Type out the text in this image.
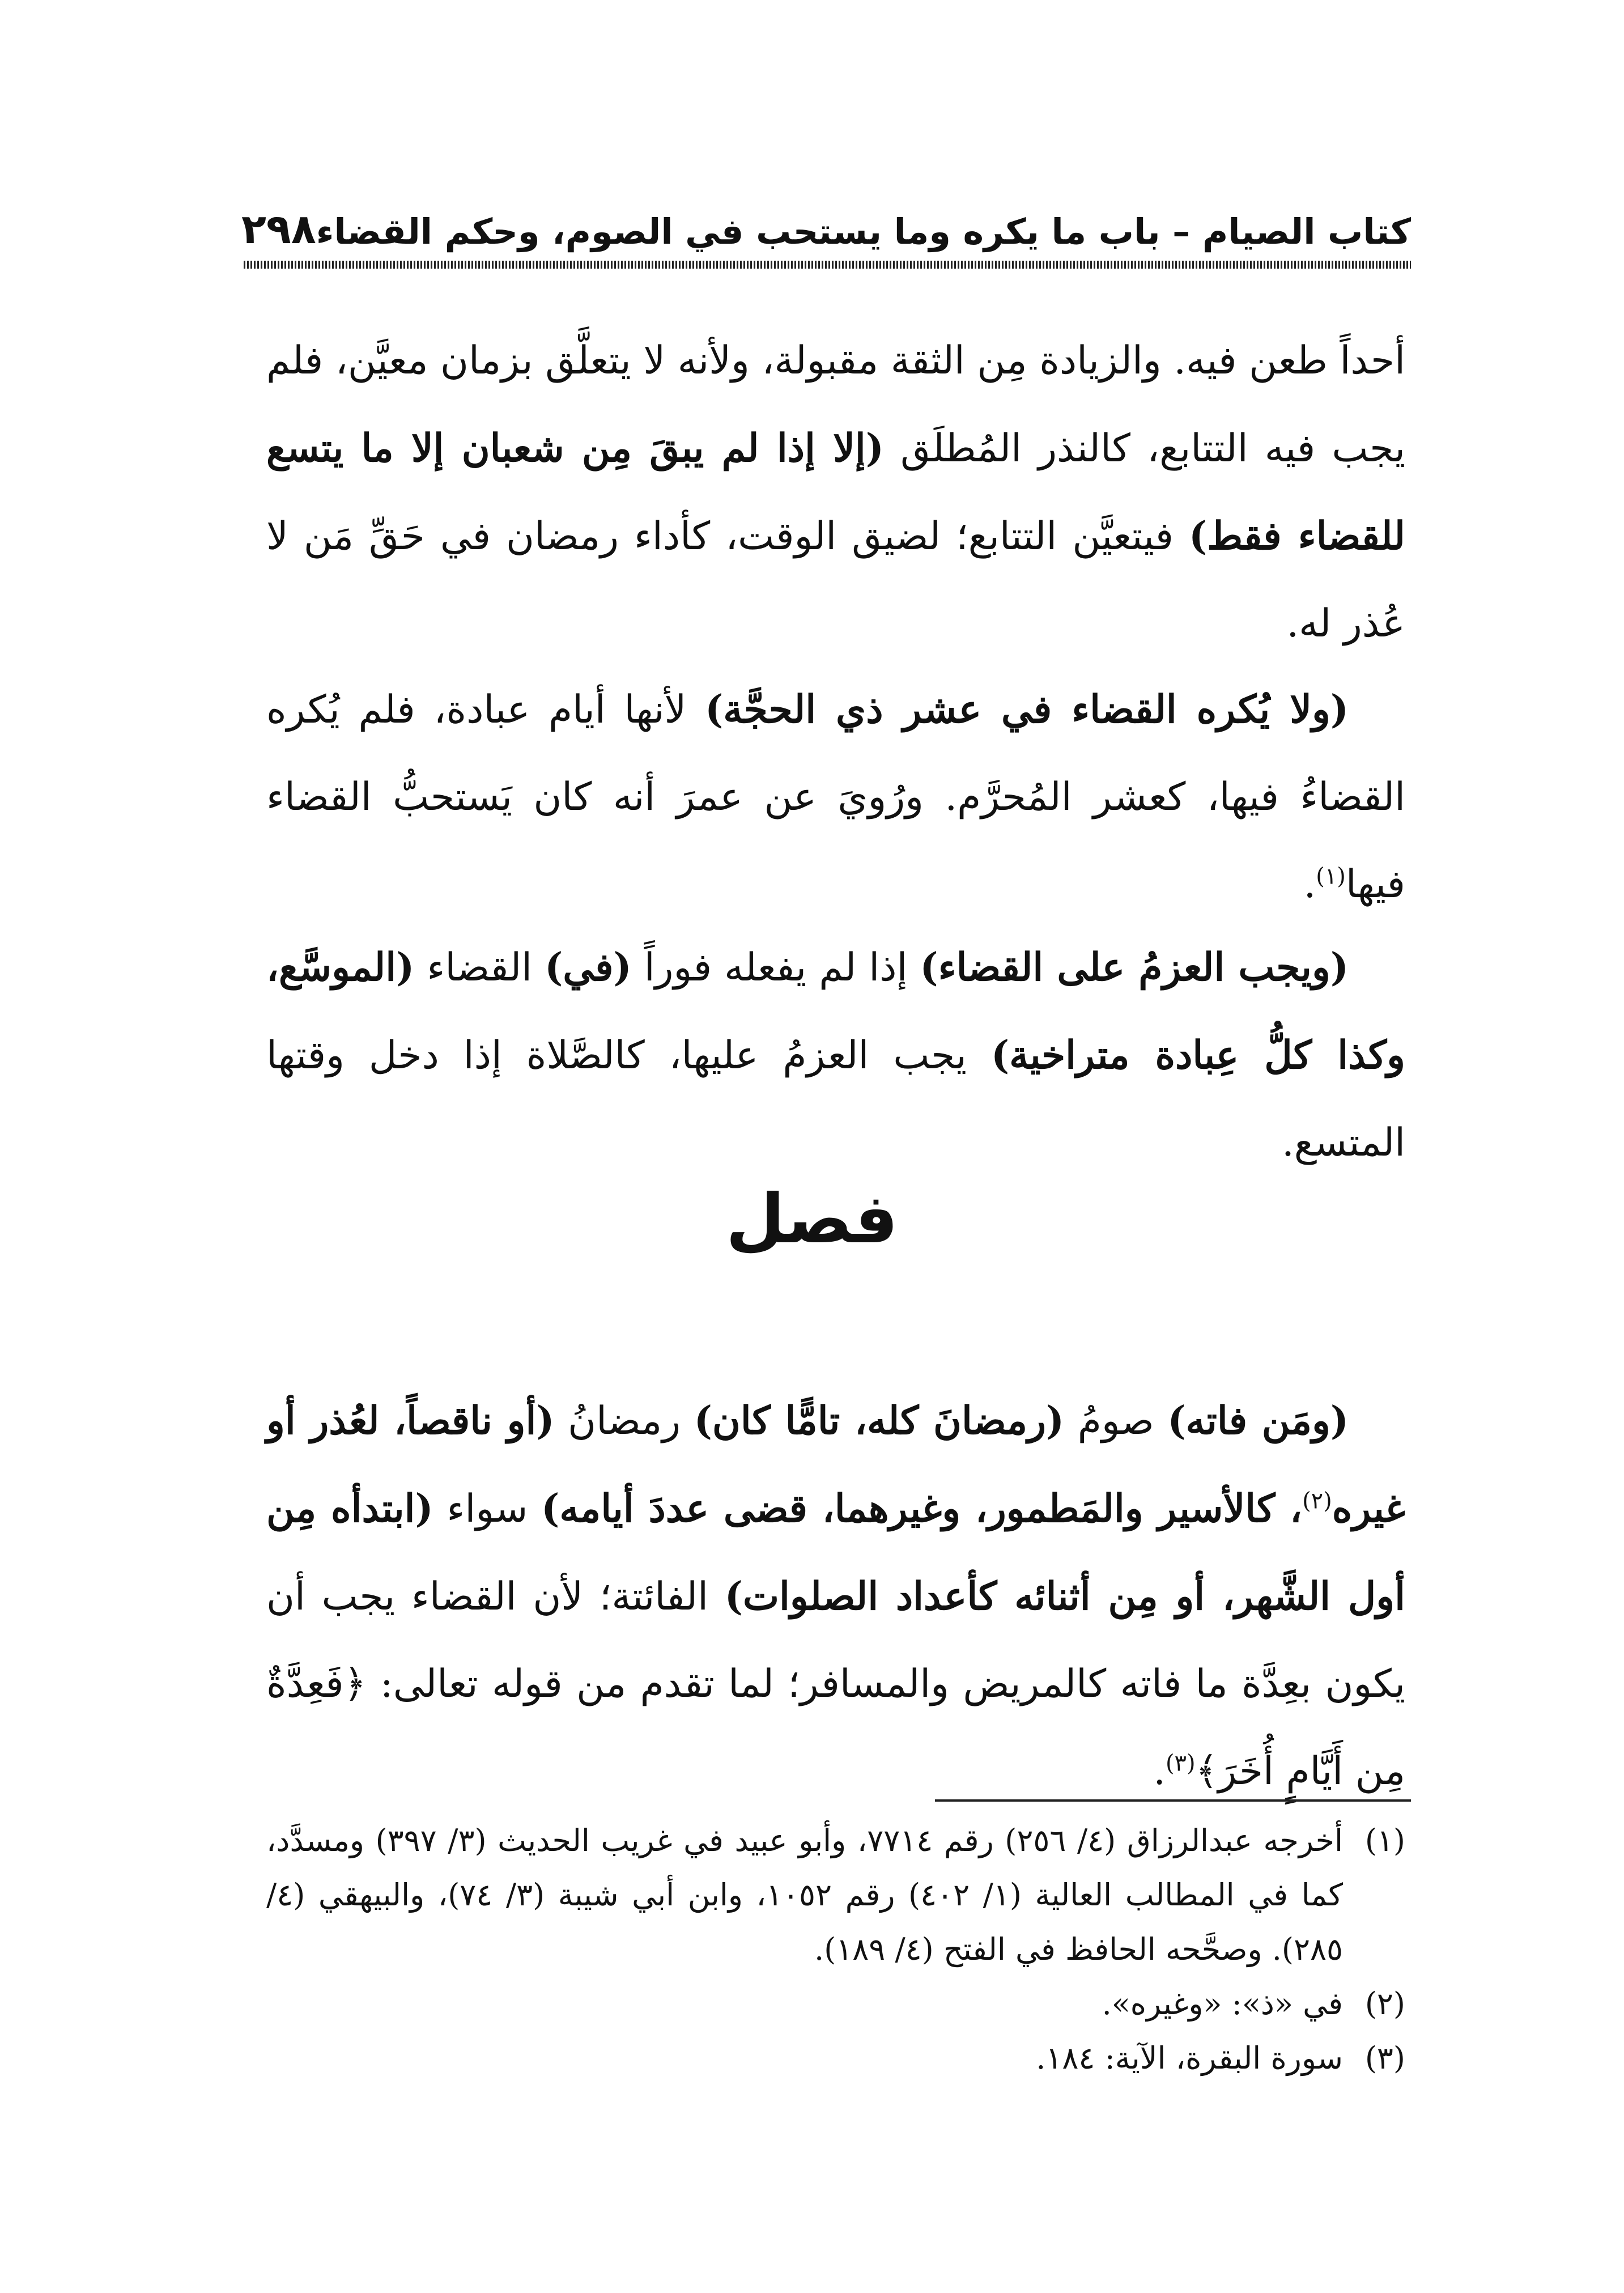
كتاب الصيام – باب ما يكره وما يستحب في الصوم، وحكم القضاء
٢٩٨

أحداً طعن فيه. والزيادة مِن الثقة مقبولة، ولأنه لا يتعلَّق بزمان معيَّن، فلم يجب فيه التتابع، كالنذر المُطلَق (إلا إذا لم يبقَ مِن شعبان إلا ما يتسع للقضاء فقط) فيتعيَّن التتابع؛ لضيق الوقت، كأداء رمضان في حَقِّ مَن لا عُذر له.

(ولا يُكره القضاء في عشر ذي الحجَّة) لأنها أيام عبادة، فلم يُكره القضاءُ فيها، كعشر المُحرَّم. ورُويَ عن عمرَ أنه كان يَستحبُّ القضاء فيها$^{(١)}$.

(ويجب العزمُ على القضاء) إذا لم يفعله فوراً (في) القضاء (الموسَّع، وكذا كلُّ عِبادة متراخية) يجب العزمُ عليها، كالصَّلاة إذا دخل وقتها المتسع.

فصل

(ومَن فاته) صومُ (رمضانَ كله، تامًّا كان) رمضانُ (أو ناقصاً، لعُذر أو غيره$^{(٢)}$، كالأسير والمَطمور، وغيرهما، قضى عددَ أيامه) سواء (ابتدأه مِن أول الشَّهر، أو مِن أثنائه كأعداد الصلوات) الفائتة؛ لأن القضاء يجب أن يكون بعِدَّة ما فاته كالمريض والمسافر؛ لما تقدم من قوله تعالى: ﴿فَعِدَّةٌ مِن أَيَّامٍ أُخَرَ﴾$^{(٣)}$.

(١)
أخرجه عبدالرزاق (٤/ ٢٥٦) رقم ٧٧١٤، وأبو عبيد في غريب الحديث (٣/ ٣٩٧) ومسدَّد، كما في المطالب العالية (١/ ٤٠٢) رقم ١٠٥٢، وابن أبي شيبة (٣/ ٧٤)، والبيهقي (٤/ ٢٨٥). وصحَّحه الحافظ في الفتح (٤/ ١٨٩).

(٢)
في «ذ»: «وغيره».

(٣)
سورة البقرة، الآية: ١٨٤.
